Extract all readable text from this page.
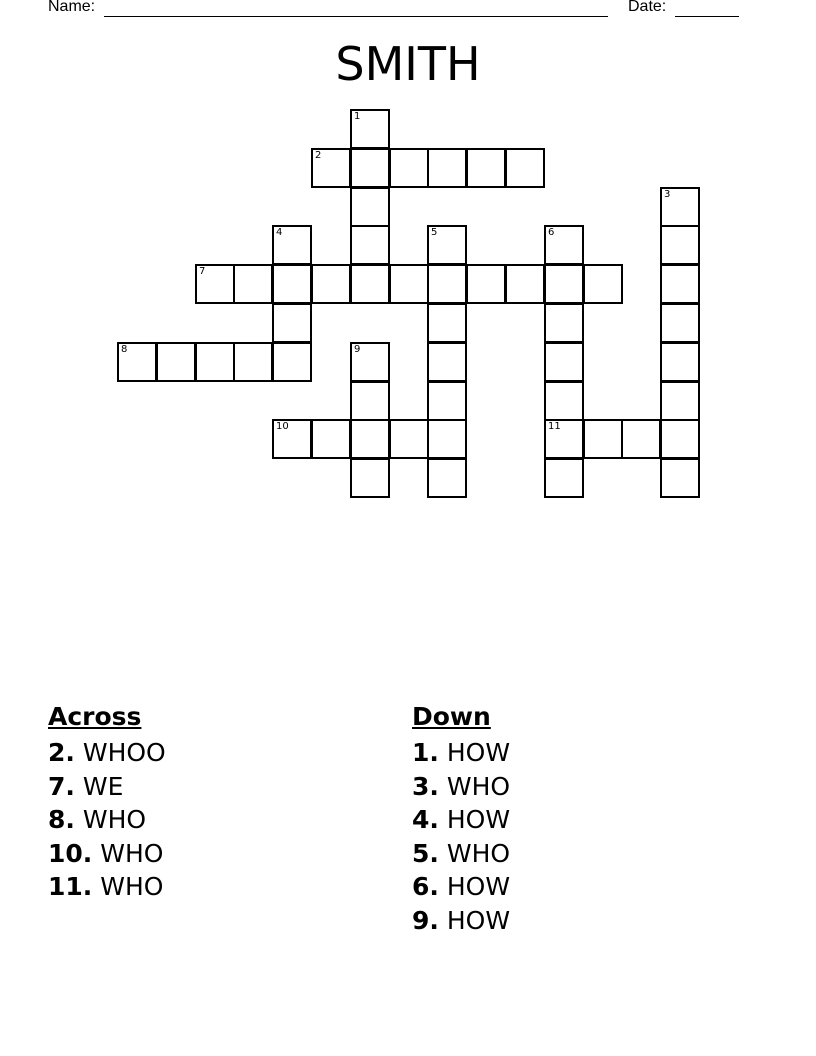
Name:	Date:
SMITH
1
2
3
4	5	6
7
8	9
10	11
Across
2. WHOO
7. WE
8. WHO
10. WHO
11. WHO
Down
1. HOW
3. WHO
4. HOW
5. WHO
6. HOW
9. HOW
